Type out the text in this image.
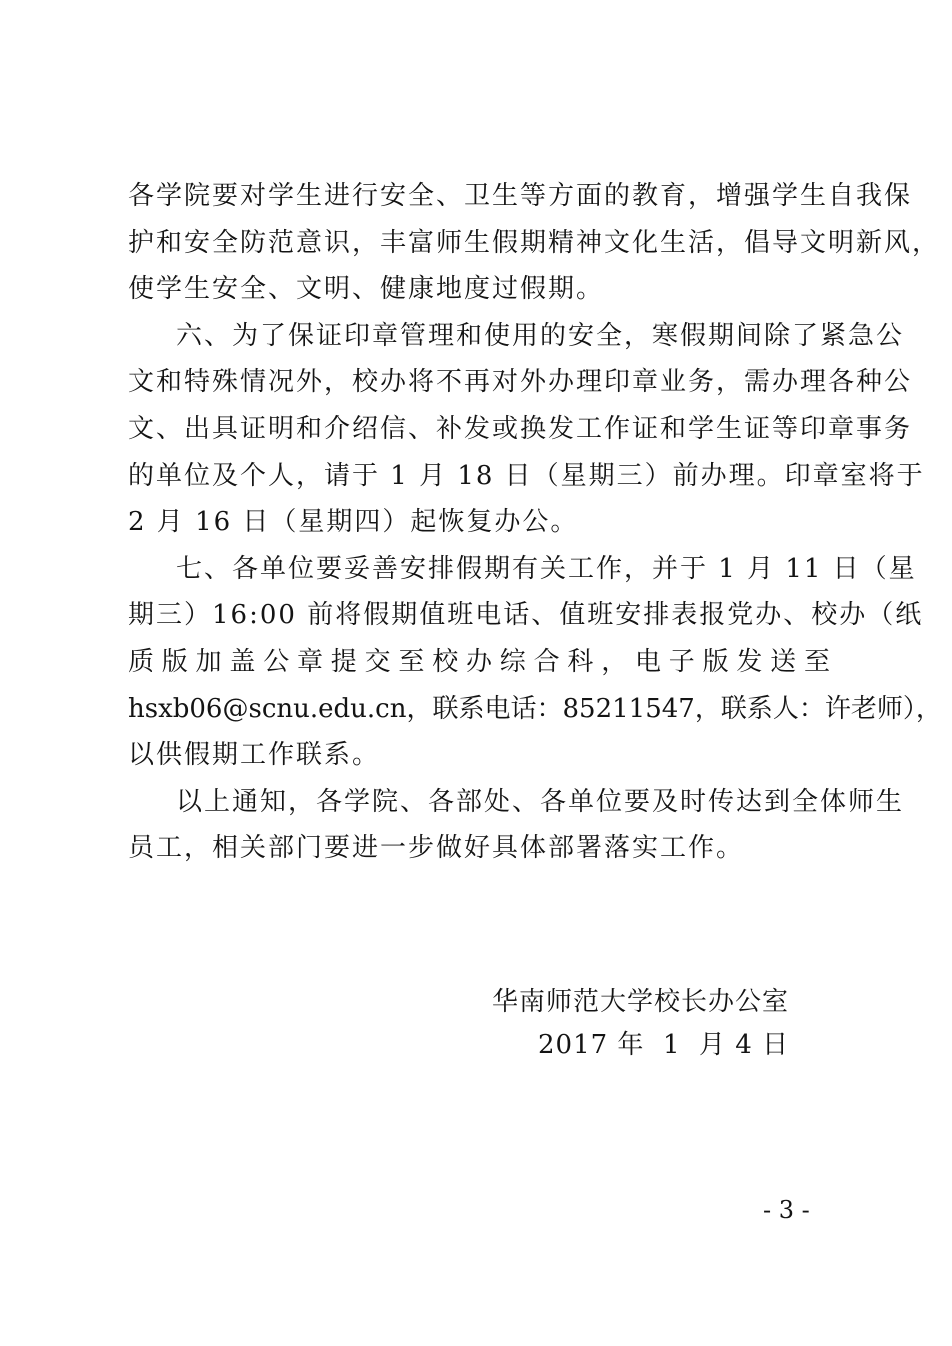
各学院要对学生进行安全、卫生等方面的教育，增强学生自我保
护和安全防范意识，丰富师生假期精神文化生活，倡导文明新风，
使学生安全、文明、健康地度过假期。
六、为了保证印章管理和使用的安全，寒假期间除了紧急公
文和特殊情况外，校办将不再对外办理印章业务，需办理各种公
文、出具证明和介绍信、补发或换发工作证和学生证等印章事务
的单位及个人，请于 1 月 18 日（星期三）前办理。印章室将于
2 月 16 日（星期四）起恢复办公。
七、各单位要妥善安排假期有关工作，并于 1 月 11 日（星
期三）16:00 前将假期值班电话、值班安排表报党办、校办（纸
质版加盖公章提交至校办综合科，电子版发送至
hsxb06@scnu.edu.cn，联系电话：85211547，联系人：许老师），
以供假期工作联系。
以上通知，各学院、各部处、各单位要及时传达到全体师生
员工，相关部门要进一步做好具体部署落实工作。
华南师范大学校长办公室
2017 年  1  月 4 日
- 3 -
